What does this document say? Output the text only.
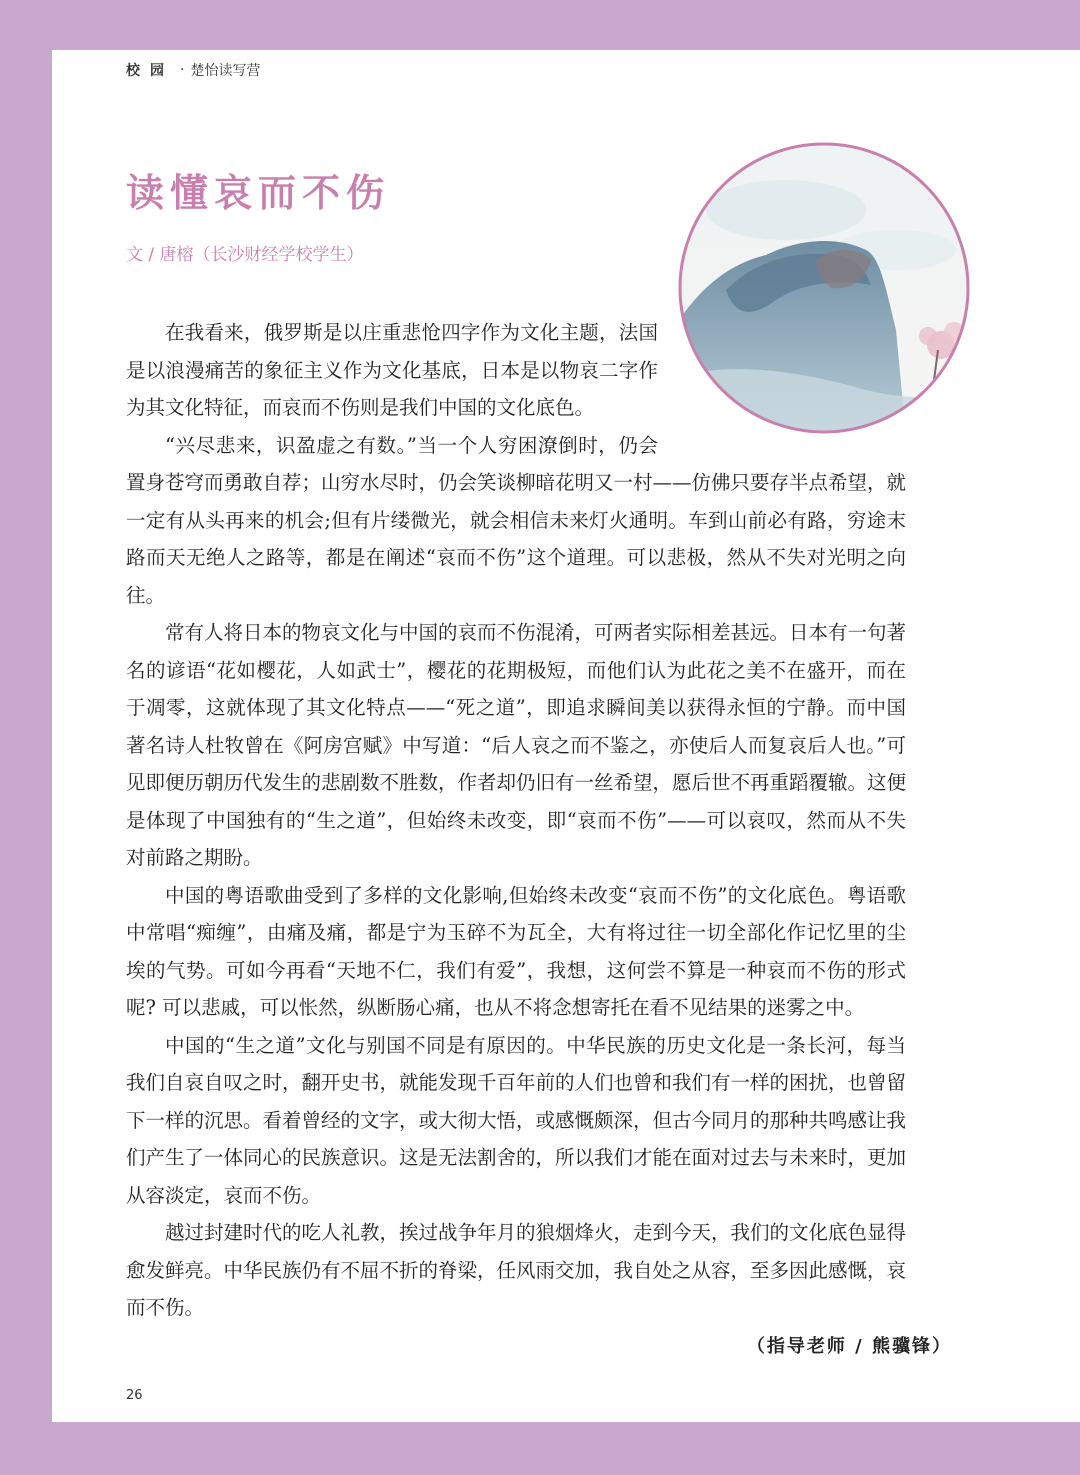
校园 · 楚怡读写营
读懂哀而不伤
文 / 唐榕（长沙财经学校学生）

在我看来，俄罗斯是以庄重悲怆四字作为文化主题，法国是以浪漫痛苦的象征主义作为文化基底，日本是以物哀二字作为其文化特征，而哀而不伤则是我们中国的文化底色。

“兴尽悲来，识盈虚之有数。”当一个人穷困潦倒时，仍会置身苍穹而勇敢自荐；山穷水尽时，仍会笑谈柳暗花明又一村——仿佛只要存半点希望，就一定有从头再来的机会;但有片缕微光，就会相信未来灯火通明。车到山前必有路，穷途末路而天无绝人之路等，都是在阐述“哀而不伤”这个道理。可以悲极，然从不失对光明之向往。

常有人将日本的物哀文化与中国的哀而不伤混淆，可两者实际相差甚远。日本有一句著名的谚语“花如樱花，人如武士”，樱花的花期极短，而他们认为此花之美不在盛开，而在于凋零，这就体现了其文化特点——“死之道”，即追求瞬间美以获得永恒的宁静。而中国著名诗人杜牧曾在《阿房宫赋》中写道：“后人哀之而不鉴之，亦使后人而复哀后人也。”可见即便历朝历代发生的悲剧数不胜数，作者却仍旧有一丝希望，愿后世不再重蹈覆辙。这便是体现了中国独有的“生之道”，但始终未改变，即“哀而不伤”——可以哀叹，然而从不失对前路之期盼。

中国的粤语歌曲受到了多样的文化影响,但始终未改变“哀而不伤”的文化底色。粤语歌中常唱“痴缠”，由痛及痛，都是宁为玉碎不为瓦全，大有将过往一切全部化作记忆里的尘埃的气势。可如今再看“天地不仁，我们有爱”，我想，这何尝不算是一种哀而不伤的形式呢? 可以悲戚，可以怅然，纵断肠心痛，也从不将念想寄托在看不见结果的迷雾之中。

中国的“生之道”文化与别国不同是有原因的。中华民族的历史文化是一条长河，每当我们自哀自叹之时，翻开史书，就能发现千百年前的人们也曾和我们有一样的困扰，也曾留下一样的沉思。看着曾经的文字，或大彻大悟，或感慨颇深，但古今同月的那种共鸣感让我们产生了一体同心的民族意识。这是无法割舍的，所以我们才能在面对过去与未来时，更加从容淡定，哀而不伤。

越过封建时代的吃人礼教，挨过战争年月的狼烟烽火，走到今天，我们的文化底色显得愈发鲜亮。中华民族仍有不屈不折的脊梁，任风雨交加，我自处之从容，至多因此感慨，哀而不伤。

（指导老师 / 熊骥锋）
26
